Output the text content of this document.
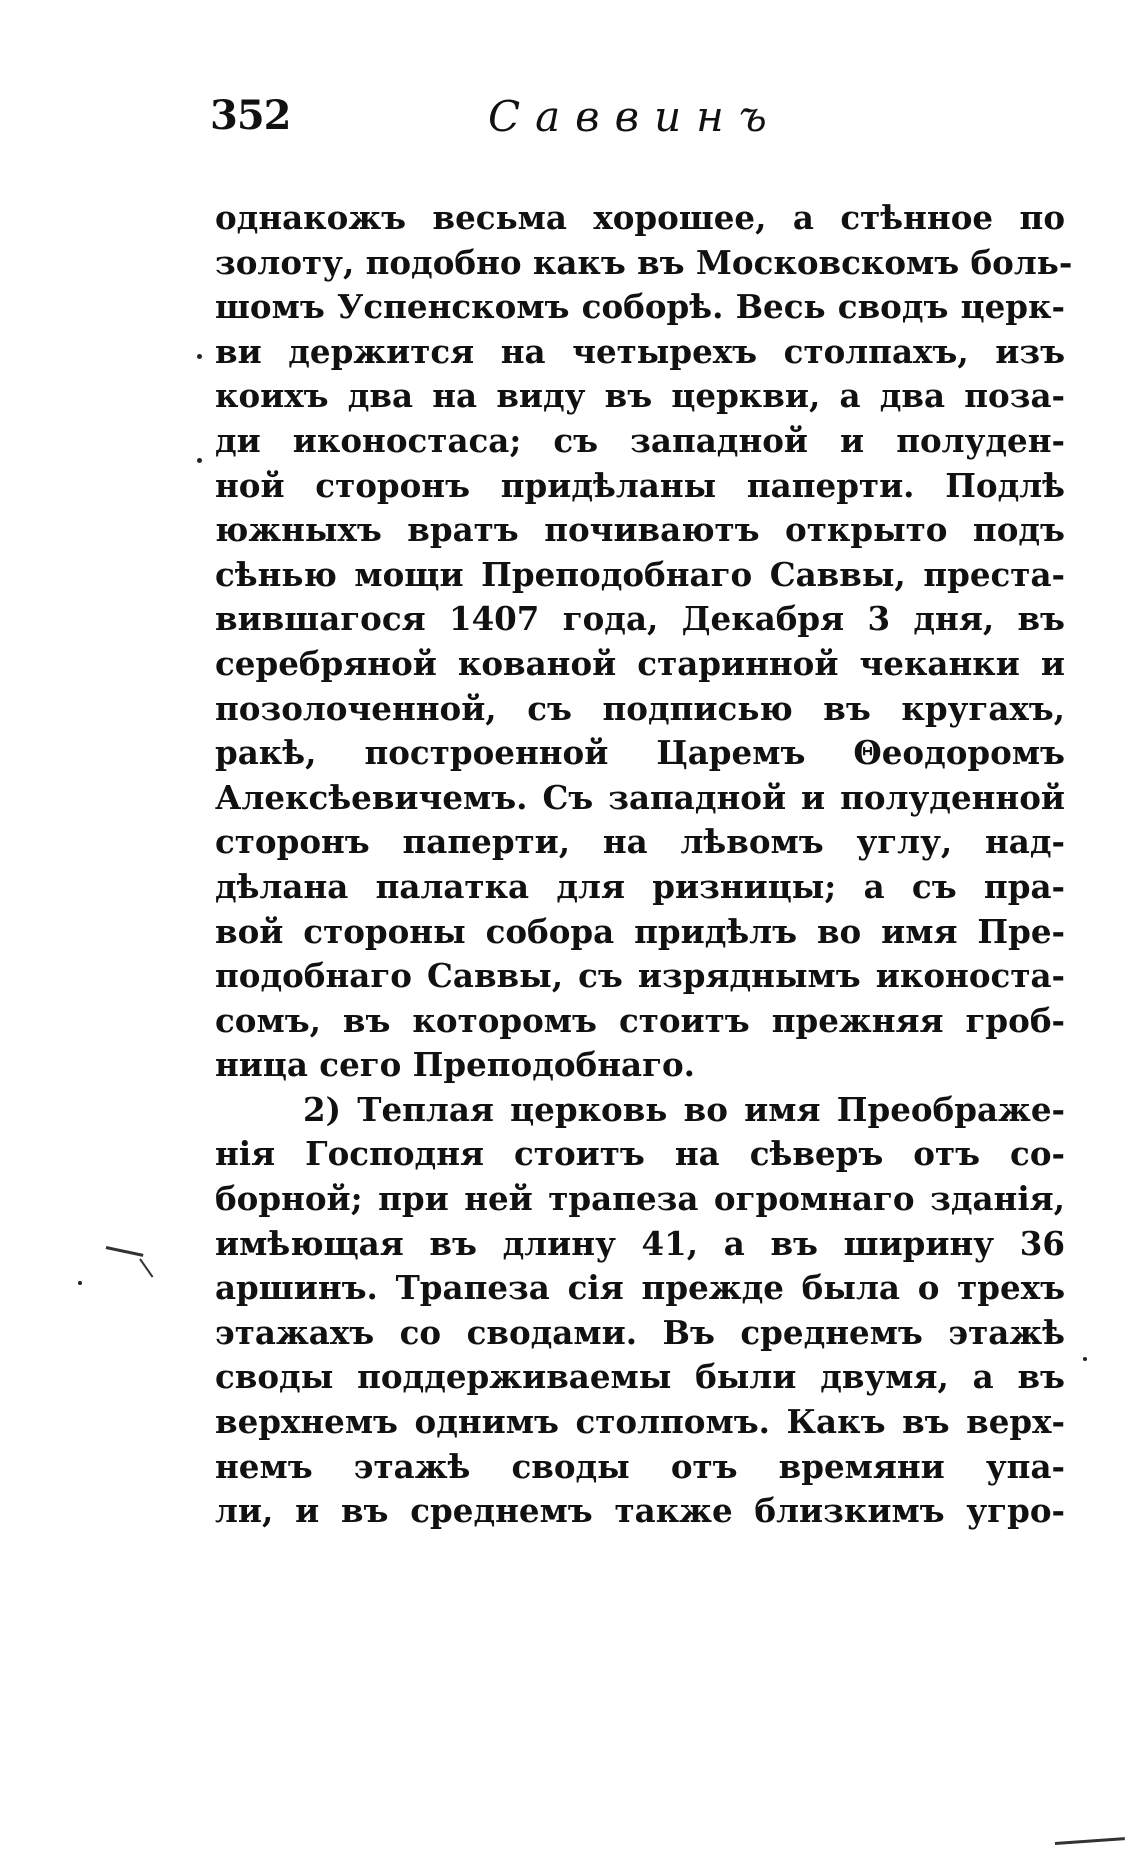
352	Саввинъ
однакожъ весьма хорошее, а стѣнное по
золоту, подобно какъ въ Московскомъ боль-
шомъ Успенскомъ соборѣ. Весь сводъ церк-
ви держится на четырехъ столпахъ, изъ
коихъ два на виду въ церкви, а два поза-
ди иконостаса; съ западной и полуден-
ной сторонъ придѣланы паперти. Подлѣ
южныхъ вратъ почиваютъ открыто подъ
сѣнью мощи Преподобнаго Саввы, преста-
вившагося 1407 года, Декабря 3 дня, въ
серебряной кованой старинной чеканки и
позолоченной, съ подписью въ кругахъ,
ракѣ, построенной Царемъ Θеодоромъ
Алексѣевичемъ. Съ западной и полуденной
сторонъ паперти, на лѣвомъ углу, над-
дѣлана палатка для ризницы; а съ пра-
вой стороны собора придѣлъ во имя Пре-
подобнаго Саввы, съ изряднымъ иконоста-
сомъ, въ которомъ стоитъ прежняя гроб-
ница сего Преподобнаго.
2) Теплая церковь во имя Преображе-
нія Господня стоитъ на сѣверъ отъ со-
борной; при ней трапеза огромнаго зданія,
имѣющая въ длину 41, а въ ширину 36
аршинъ. Трапеза сія прежде была о трехъ
этажахъ со сводами. Въ среднемъ этажѣ
своды поддерживаемы были двумя, а въ
верхнемъ однимъ столпомъ. Какъ въ верх-
немъ этажѣ своды отъ времяни упа-
ли, и въ среднемъ также близкимъ угро-
